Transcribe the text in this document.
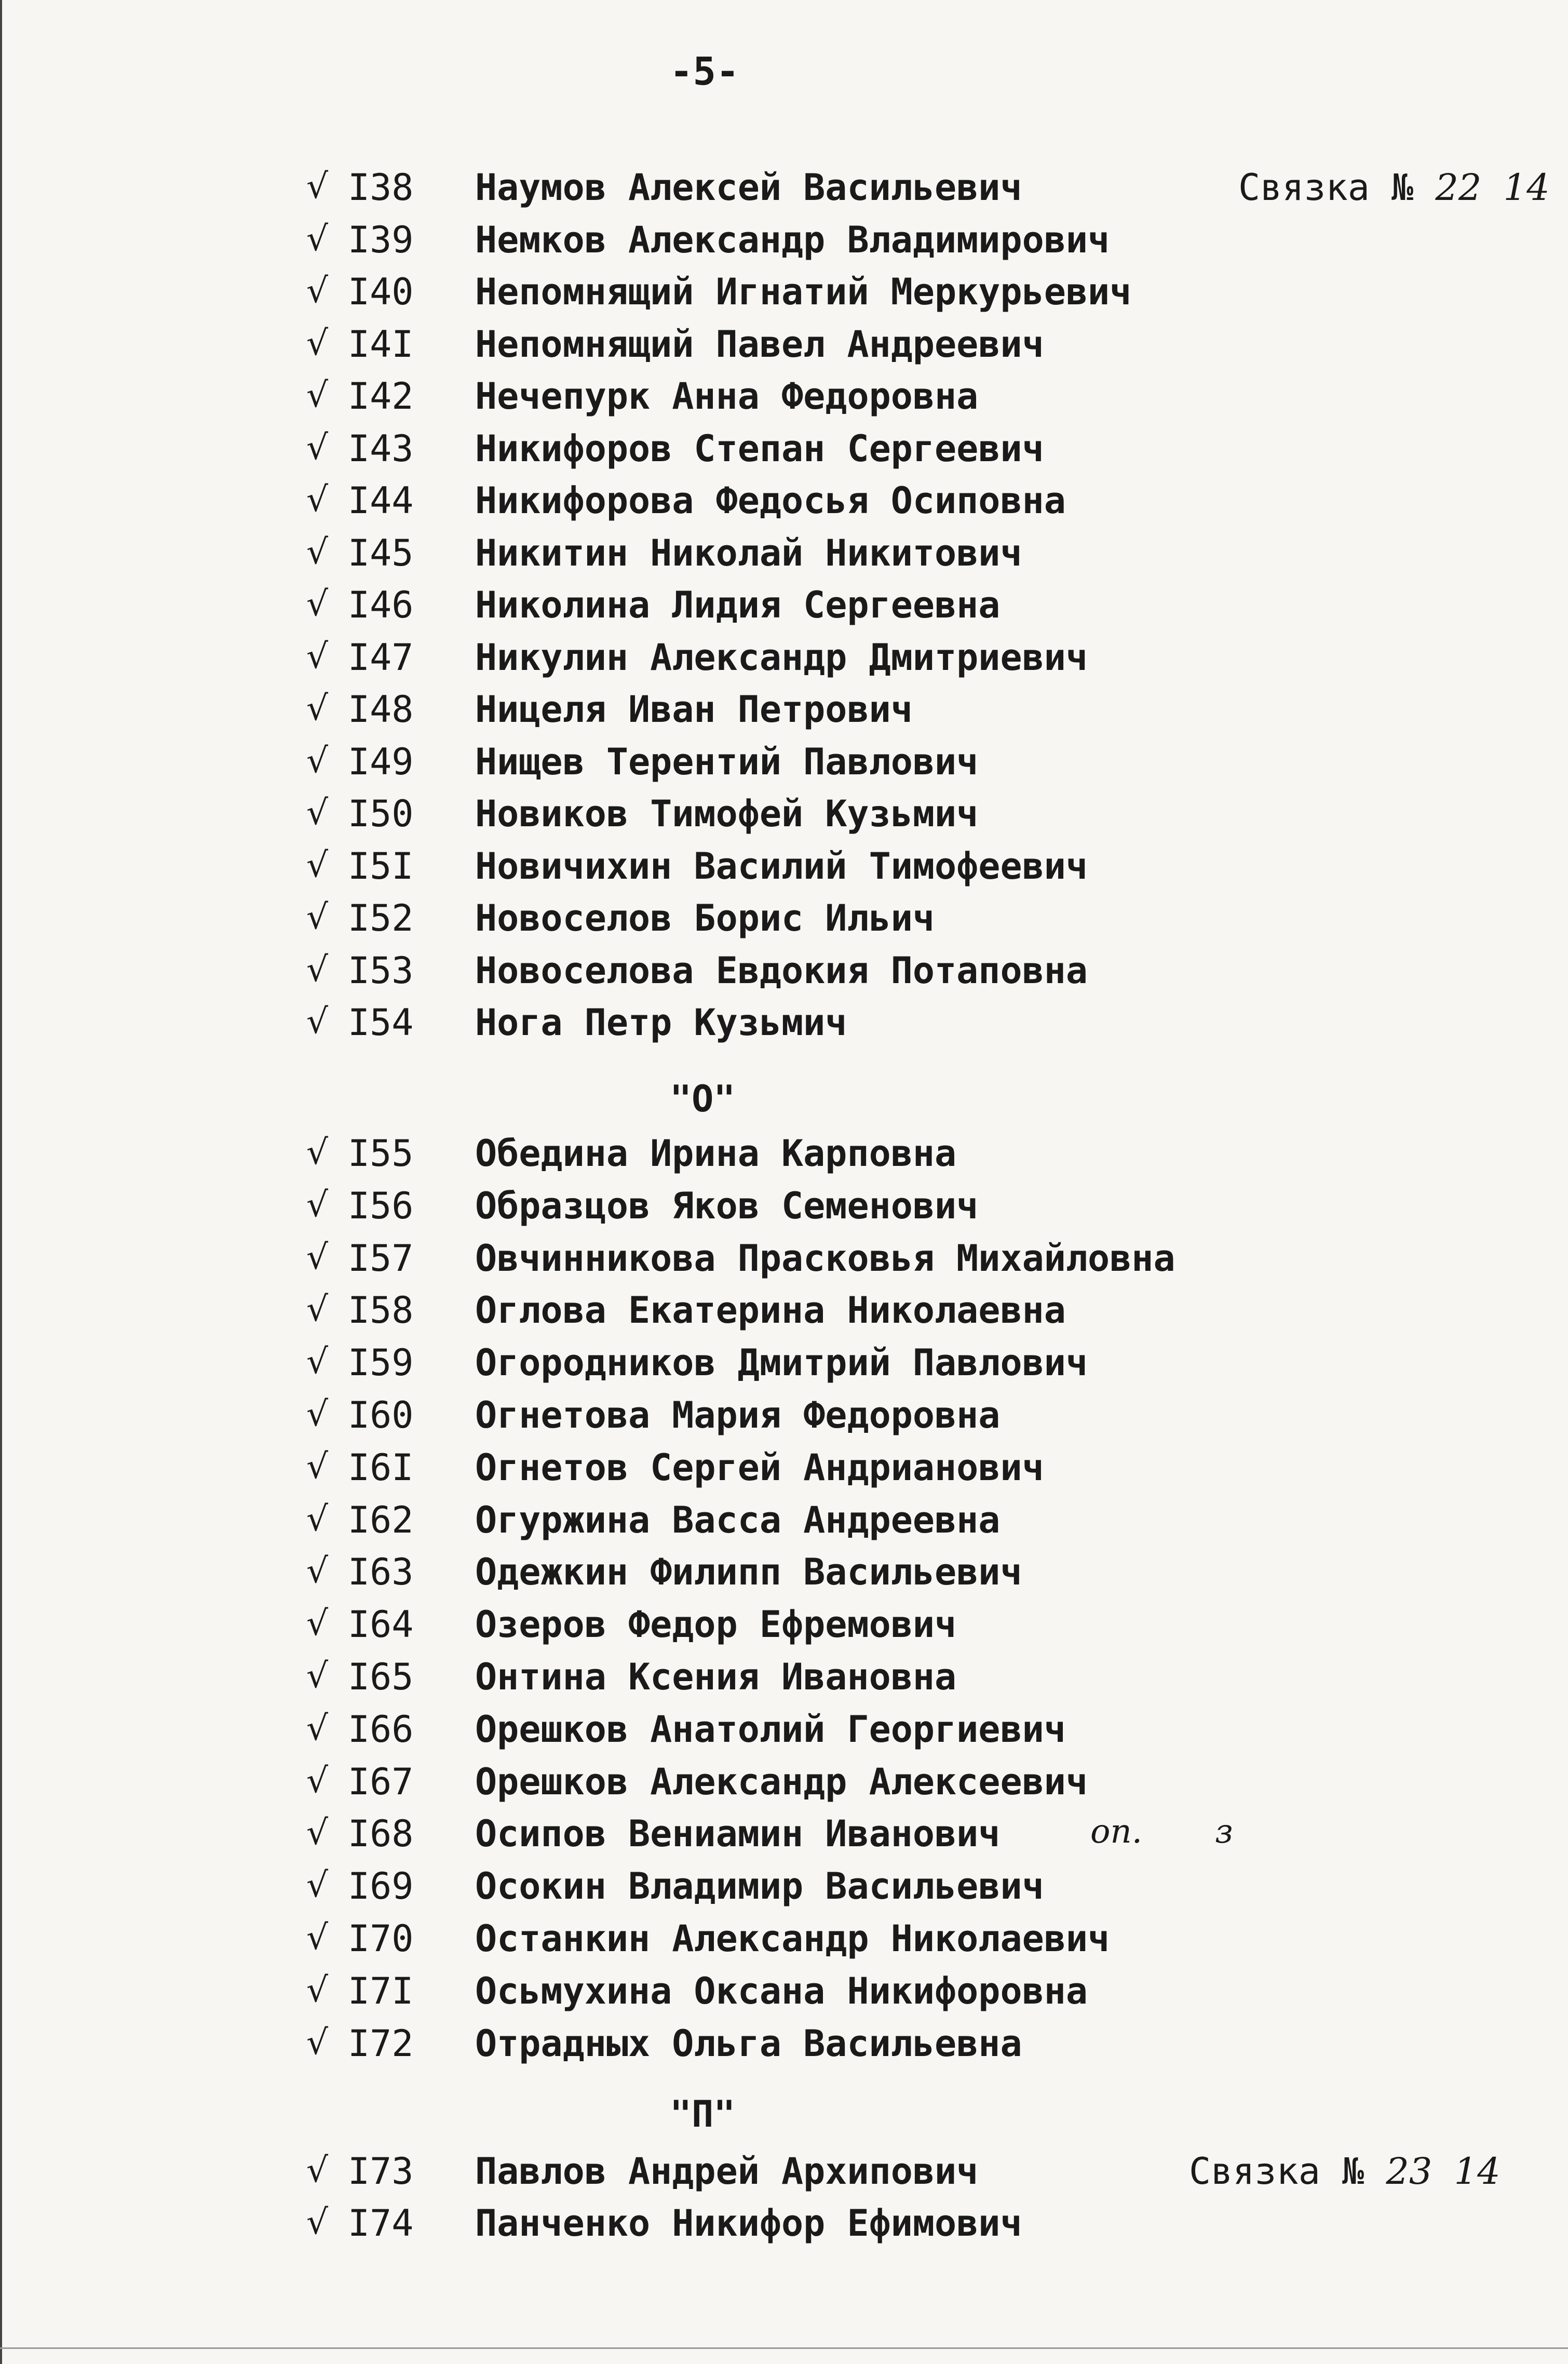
-5-
Связка № 22 14
Связка № 23 14
"О"
"П"
оп. з
√ I38 Наумов Алексей Васильевич
√ I39 Немков Александр Владимирович
√ I40 Непомнящий Игнатий Меркурьевич
√ I4I Непомнящий Павел Андреевич
√ I42 Нечепурк Анна Федоровна
√ I43 Никифоров Степан Сергеевич
√ I44 Никифорова Федосья Осиповна
√ I45 Никитин Николай Никитович
√ I46 Николина Лидия Сергеевна
√ I47 Никулин Александр Дмитриевич
√ I48 Ницеля Иван Петрович
√ I49 Нищев Терентий Павлович
√ I50 Новиков Тимофей Кузьмич
√ I5I Новичихин Василий Тимофеевич
√ I52 Новоселов Борис Ильич
√ I53 Новоселова Евдокия Потаповна
√ I54 Нога Петр Кузьмич
√ I55 Обедина Ирина Карповна
√ I56 Образцов Яков Семенович
√ I57 Овчинникова Прасковья Михайловна
√ I58 Оглова Екатерина Николаевна
√ I59 Огородников Дмитрий Павлович
√ I60 Огнетова Мария Федоровна
√ I6I Огнетов Сергей Андрианович
√ I62 Огуржина Васса Андреевна
√ I63 Одежкин Филипп Васильевич
√ I64 Озеров Федор Ефремович
√ I65 Онтина Ксения Ивановна
√ I66 Орешков Анатолий Георгиевич
√ I67 Орешков Александр Алексеевич
√ I68 Осипов Вениамин Иванович
√ I69 Осокин Владимир Васильевич
√ I70 Останкин Александр Николаевич
√ I7I Осьмухина Оксана Никифоровна
√ I72 Отрадных Ольга Васильевна
√ I73 Павлов Андрей Архипович
√ I74 Панченко Никифор Ефимович
